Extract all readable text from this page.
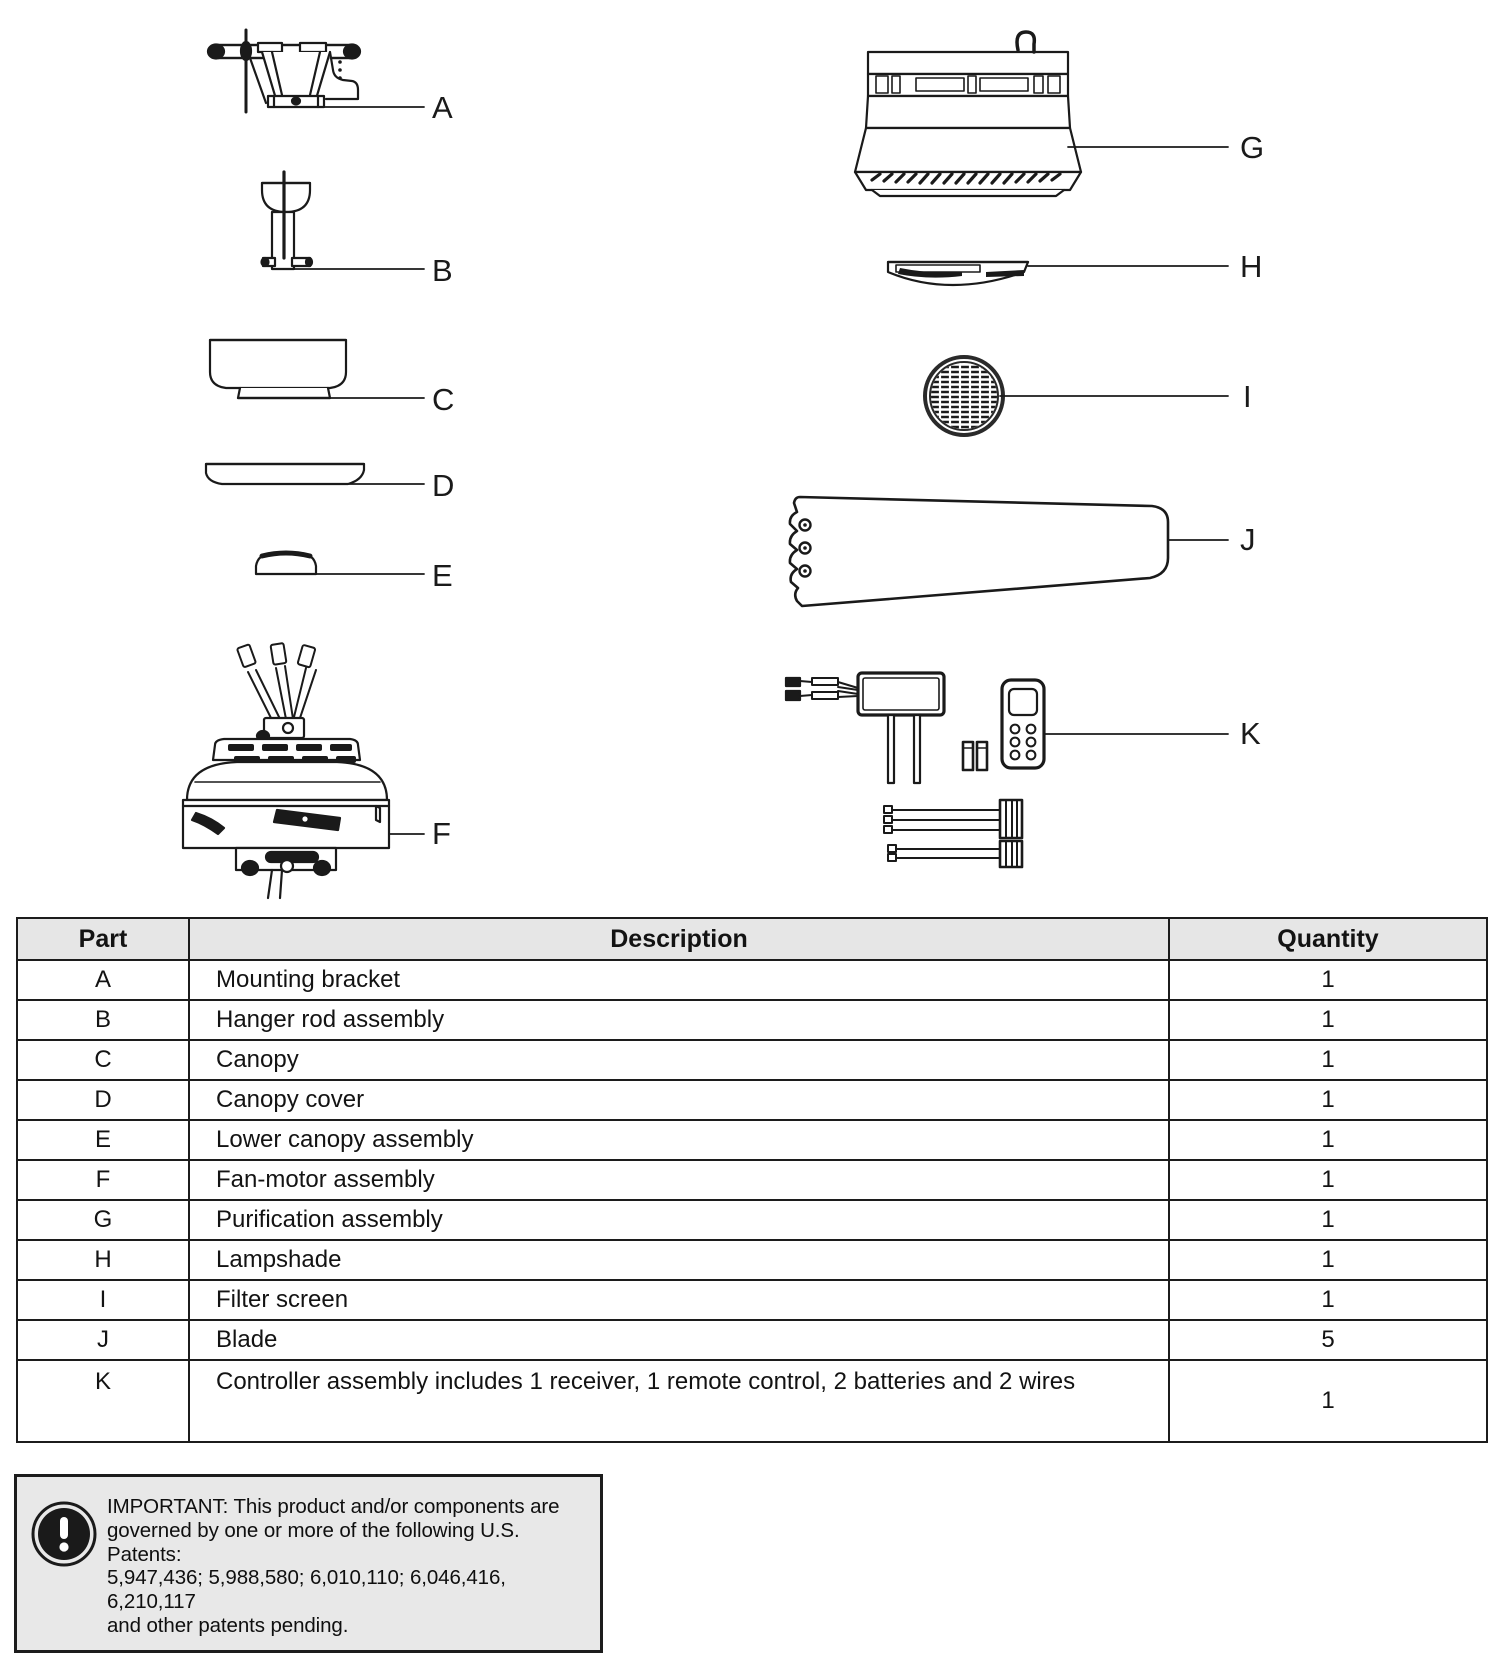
A
B
C
D
E
F
G
H
I
J
K
Part	Description	Quantity
A	Mounting bracket	1
B	Hanger rod assembly	1
C	Canopy	1
D	Canopy cover	1
E	Lower canopy assembly	1
F	Fan-motor assembly	1
G	Purification assembly	1
H	Lampshade	1
I	Filter screen	1
J	Blade	5
K	Controller assembly includes 1 receiver, 1 remote control, 2 batteries and 2 wires	1
IMPORTANT: This product and/or components are
governed by one or more of the following U.S. Patents:
5,947,436; 5,988,580; 6,010,110; 6,046,416, 6,210,117
and other patents pending.
